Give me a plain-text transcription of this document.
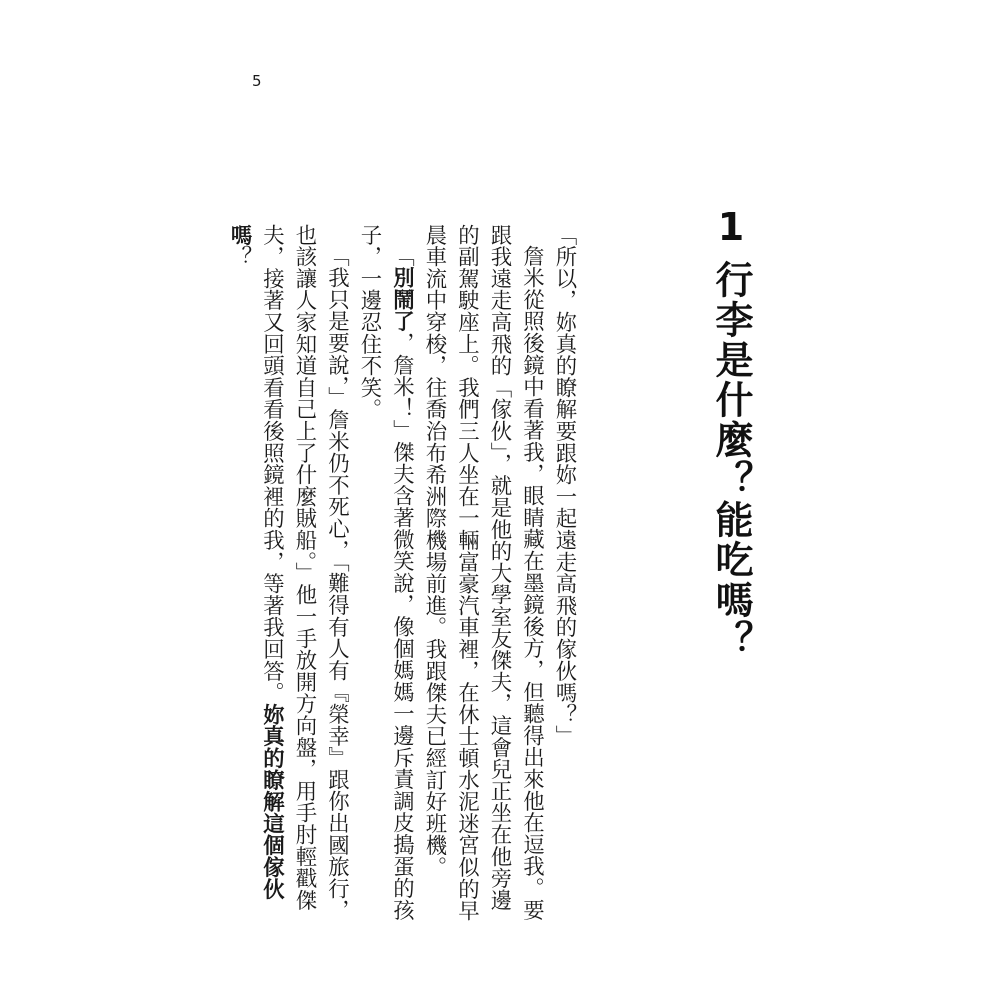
5
1行李是什麼？能吃嗎？

「所以，妳真的瞭解要跟妳一起遠走高飛的傢伙嗎？」

詹米從照後鏡中看著我，眼睛藏在墨鏡後方，但聽得出來他在逗我。要跟我遠走高飛的「傢伙」，就是他的大學室友傑夫，這會兒正坐在他旁邊的副駕駛座上。我們三人坐在一輛富豪汽車裡，在休士頓水泥迷宮似的早晨車流中穿梭，往喬治布希洲際機場前進。我跟傑夫已經訂好班機。

「別鬧了，詹米！」傑夫含著微笑說，像個媽媽一邊斥責調皮搗蛋的孩子，一邊忍住不笑。

「我只是要說，」詹米仍不死心，「難得有人有『榮幸』跟你出國旅行，也該讓人家知道自己上了什麼賊船。」他一手放開方向盤，用手肘輕戳傑夫，接著又回頭看看後照鏡裡的我，等著我回答。妳真的瞭解這個傢伙嗎？
